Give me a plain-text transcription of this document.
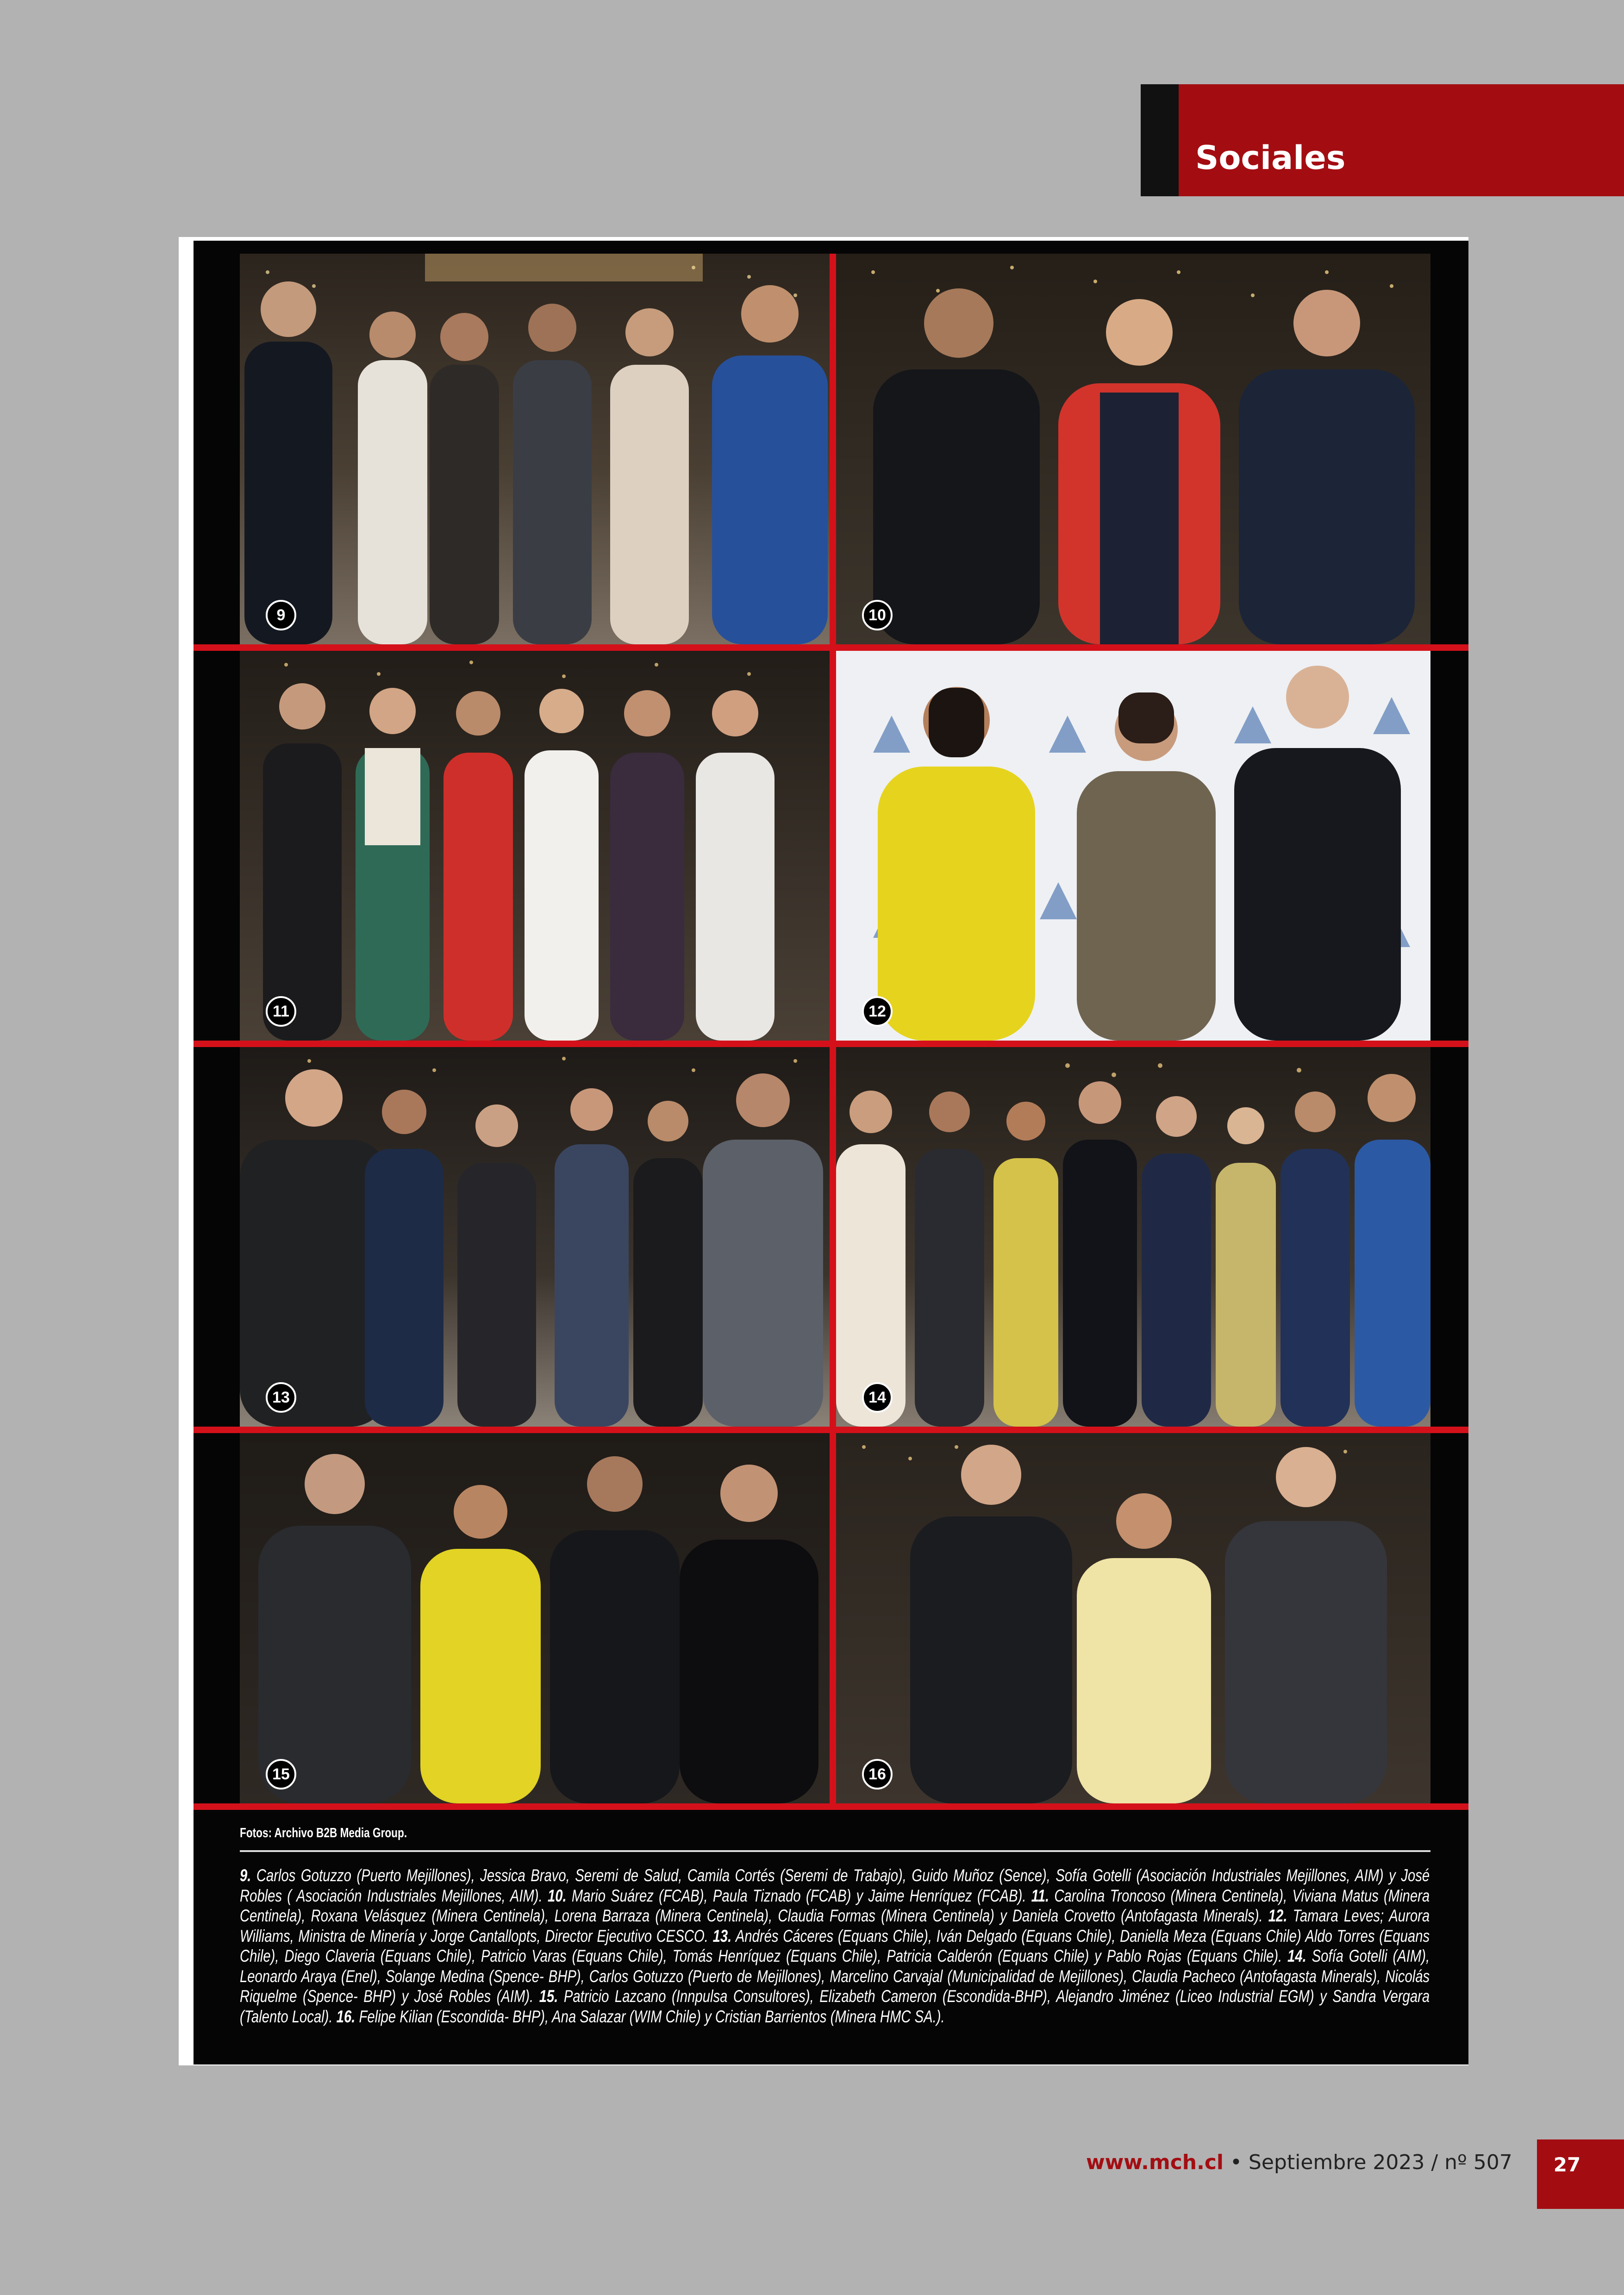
Sociales
9	10
11	12
13	14
15	16

Fotos: Archivo B2B Media Group.

9. Carlos Gotuzzo (Puerto Mejillones), Jessica Bravo, Seremi de Salud, Camila Cortés (Seremi de Trabajo), Guido Muñoz (Sence), Sofía Gotelli (Asociación Industriales Mejillones, AIM) y José Robles ( Asociación Industriales Mejillones, AIM). 10. Mario Suárez (FCAB), Paula Tiznado (FCAB) y Jaime Henríquez (FCAB). 11. Carolina Troncoso (Minera Centinela), Viviana Matus (Minera Centinela), Roxana Velásquez (Minera Centinela), Lorena Barraza (Minera Centinela), Claudia Formas (Minera Centinela) y Daniela Crovetto (Antofagasta Minerals). 12. Tamara Leves; Aurora Williams, Ministra de Minería y Jorge Cantallopts, Director Ejecutivo CESCO. 13. Andrés Cáceres (Equans Chile), Iván Delgado (Equans Chile), Daniella Meza (Equans Chile) Aldo Torres (Equans Chile), Diego Claveria (Equans Chile), Patricio Varas (Equans Chile), Tomás Henríquez (Equans Chile), Patricia Calderón (Equans Chile) y Pablo Rojas (Equans Chile). 14. Sofía Gotelli (AIM), Leonardo Araya (Enel), Solange Medina (Spence- BHP), Carlos Gotuzzo (Puerto de Mejillones), Marcelino Carvajal (Municipalidad de Mejillones), Claudia Pacheco (Antofagasta Minerals), Nicolás Riquelme (Spence- BHP) y José Robles (AIM). 15. Patricio Lazcano (Innpulsa Consultores), Elizabeth Cameron (Escondida-BHP), Alejandro Jiménez (Liceo Industrial EGM) y Sandra Vergara (Talento Local). 16. Felipe Kilian (Escondida- BHP), Ana Salazar (WIM Chile) y Cristian Barrientos (Minera HMC SA.).

www.mch.cl • Septiembre 2023 / nº 507	27
